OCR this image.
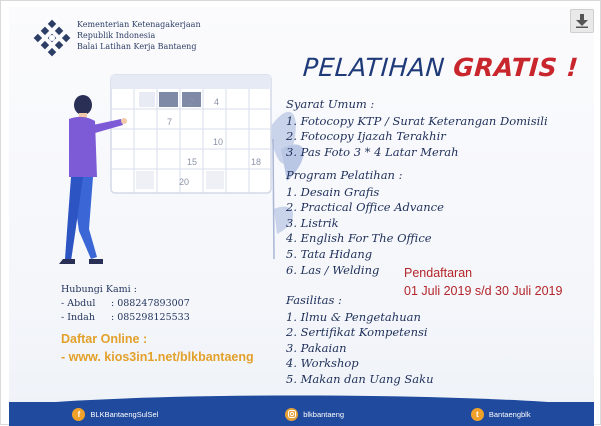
Kementerian Ketenagakerjaan
Republik Indonesia
Balai Latihan Kerja Bantaeng
PELATIHAN GRATIS !
2 4
7
10
15	18
20
Syarat Umum :
1. Fotocopy KTP / Surat Keterangan Domisili
2. Fotocopy Ijazah Terakhir
3. Pas Foto 3 * 4 Latar Merah
Program Pelatihan :
1. Desain Grafis
2. Practical Office Advance
3. Listrik
4. English For The Office
5. Tata Hidang
6. Las / Welding	Pendaftaran
01 Juli 2019 s/d 30 Juli 2019
Fasilitas :
1. Ilmu & Pengetahuan
2. Sertifikat Kompetensi
3. Pakaian
4. Workshop
5. Makan dan Uang Saku
Hubungi Kami :
- Abdul	: 088247893007
- Indah	: 085298125533
Daftar Online :
- www. kios3in1.net/blkbantaeng
f	BLKBantaengSulSel	blkbantaeng	t	Bantaengblk
